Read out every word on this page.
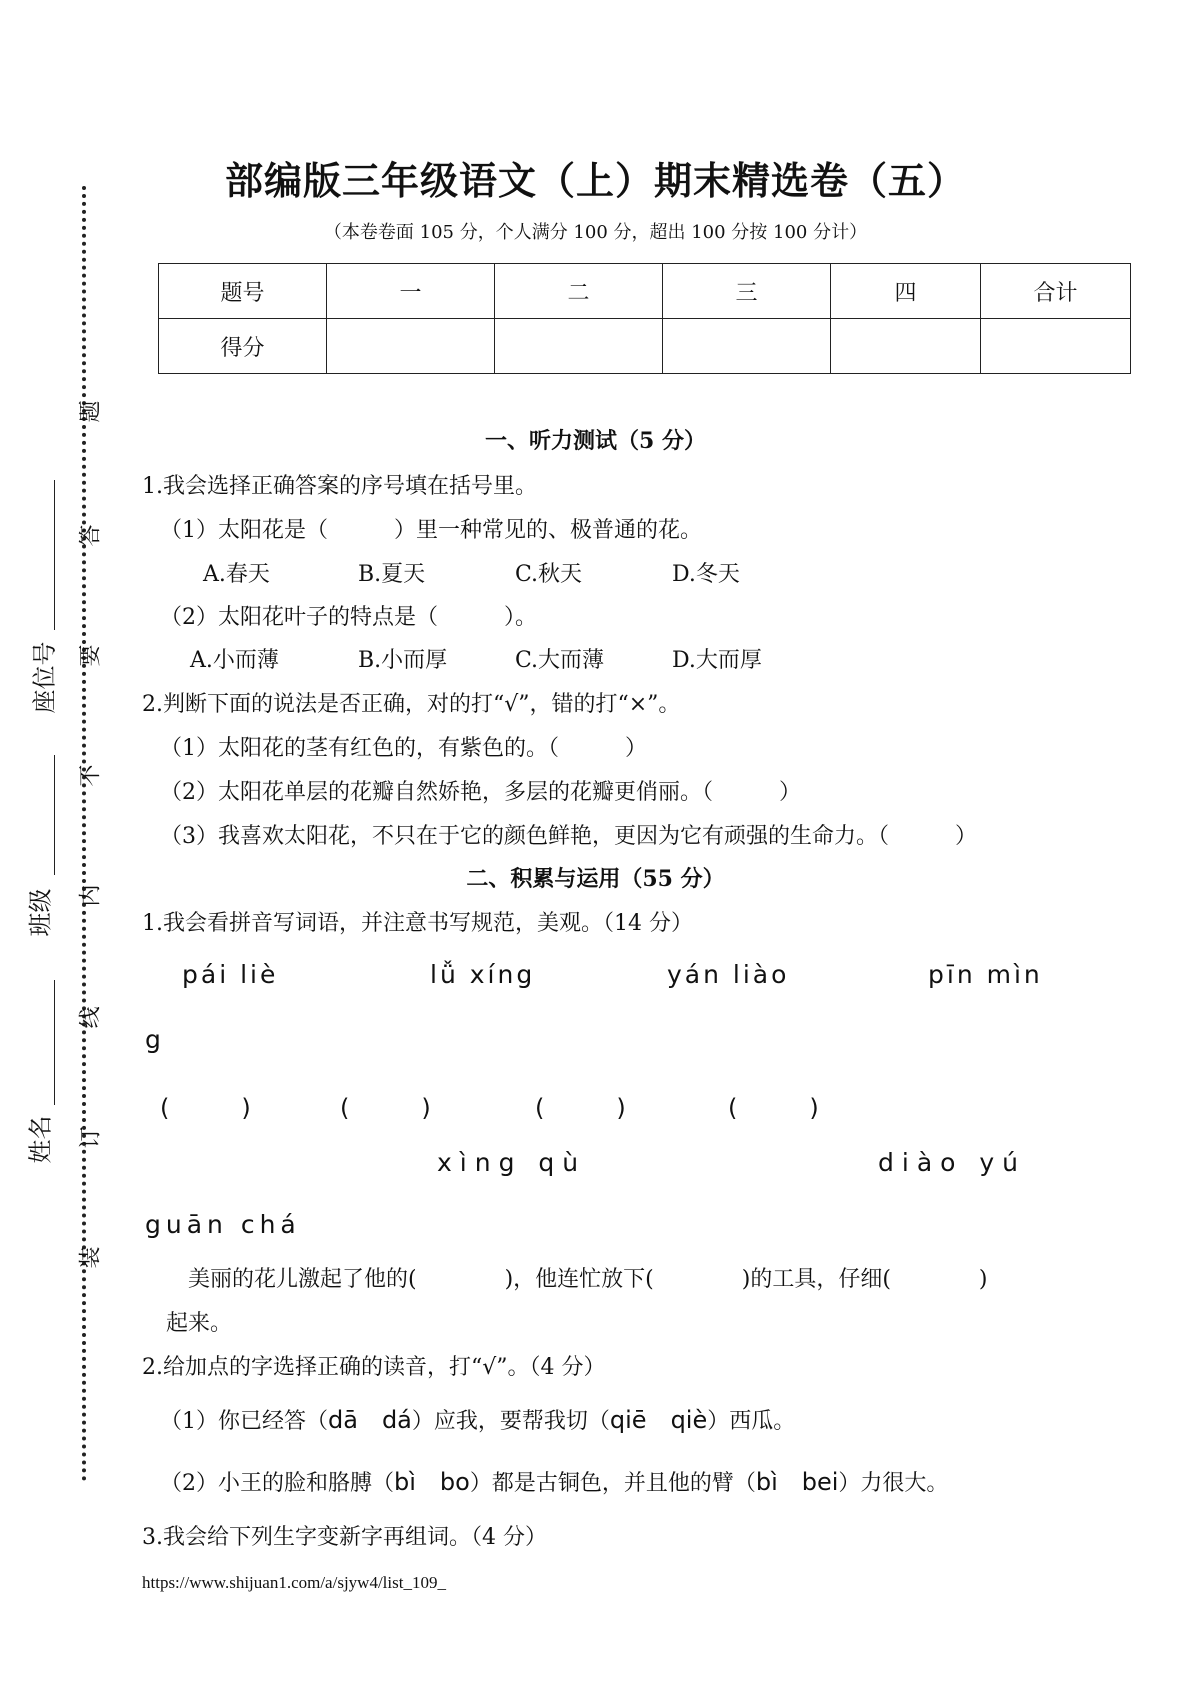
题
答
要
不
内
线
订
装
座位号
班级
姓名
部编版三年级语文（上）期末精选卷（五）
（本卷卷面 105 分，个人满分 100 分，超出 100 分按 100 分计）
题号	一	二	三	四	合计
得分					
一、听力测试（5 分）
1.我会选择正确答案的序号填在括号里。
（1）太阳花是（　　　）里一种常见的、极普通的花。
A.春天	B.夏天	C.秋天	D.冬天
（2）太阳花叶子的特点是（　　　）。
A.小而薄	B.小而厚	C.大而薄	D.大而厚
2.判断下面的说法是否正确，对的打“√”，错的打“×”。
（1）太阳花的茎有红色的，有紫色的。（　　　）
（2）太阳花单层的花瓣自然娇艳，多层的花瓣更俏丽。（　　　）
（3）我喜欢太阳花，不只在于它的颜色鲜艳，更因为它有顽强的生命力。（　　　）
二、积累与运用（55 分）
1.我会看拼音写词语，并注意书写规范，美观。（14 分）
pái liè	lǚ xíng	yán liào	pīn mìn
g
(　　　)	(　　　)	(　　　)	(　　　)
xìng qù	diào yú
guān chá
美丽的花儿激起了他的(　　　　)，他连忙放下(　　　　)的工具，仔细(　　　　)
起来。
2.给加点的字选择正确的读音，打“√”。（4 分）
（1）你已经答（dā　dá）应我，要帮我切（qiē　qiè）西瓜。
（2）小王的脸和胳膊（bì　bo）都是古铜色，并且他的臂（bì　bei）力很大。
3.我会给下列生字变新字再组词。（4 分）
https://www.shijuan1.com/a/sjyw4/list_109_
